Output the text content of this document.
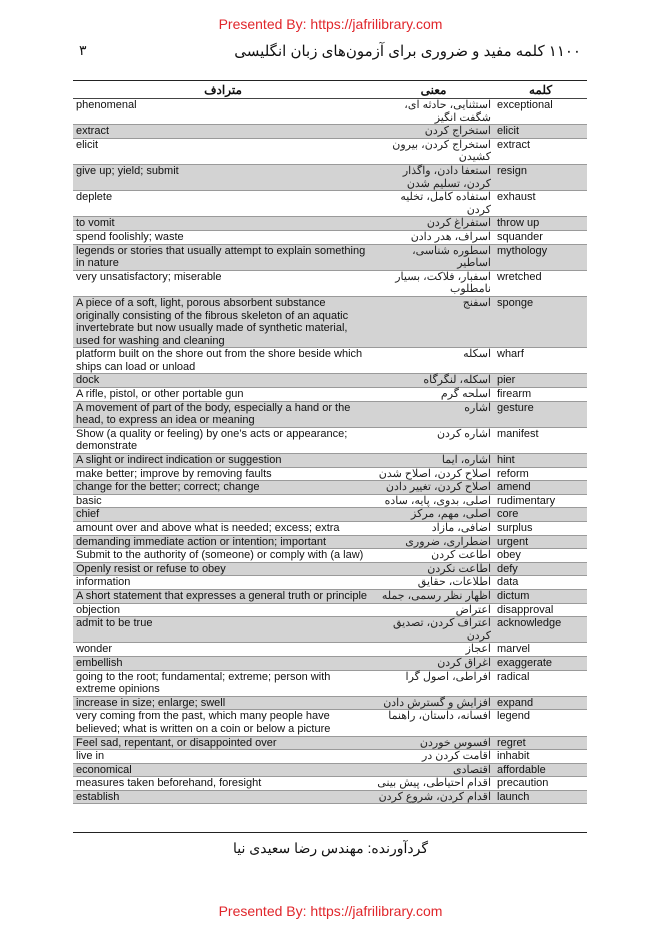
Presented By: https://jafrilibrary.com
۳	۱۱۰۰ کلمه مفید و ضروری برای آزمون‌های زبان انگلیسی
مترادف	معنی	کلمه
phenomenal	استثنایی، حادثه ای، شگفت انگیز	exceptional
extract	استخراج کردن	elicit
elicit	استخراج کردن، بیرون کشیدن	extract
give up; yield; submit	استعفا دادن، واگذار کردن، تسلیم شدن	resign
deplete	استفاده کامل، تخلیه کردن	exhaust
to vomit	استفراغ کردن	throw up
spend foolishly; waste	اسراف، هدر دادن	squander
legends or stories that usually attempt to explain something in nature	اسطوره شناسی، اساطیر	mythology
very unsatisfactory; miserable	اسفبار، فلاکت، بسیار نامطلوب	wretched
A piece of a soft, light, porous absorbent substance originally consisting of the fibrous skeleton of an aquatic invertebrate but now usually made of synthetic material, used for washing and cleaning	اسفنج	sponge
platform built on the shore out from the shore beside which ships can load or unload	اسکله	wharf
dock	اسکله، لنگرگاه	pier
A rifle, pistol, or other portable gun	اسلحه گرم	firearm
A movement of part of the body, especially a hand or the head, to express an idea or meaning	اشاره	gesture
Show (a quality or feeling) by one’s acts or appearance; demonstrate	اشاره کردن	manifest
A slight or indirect indication or suggestion	اشاره، ایما	hint
make better; improve by removing faults	اصلاح کردن، اصلاح شدن	reform
change for the better; correct; change	اصلاح کردن، تغییر دادن	amend
basic	اصلی، بدوی، پایه، ساده	rudimentary
chief	اصلی، مهم، مرکز	core
amount over and above what is needed; excess; extra	اضافی، مازاد	surplus
demanding immediate action or intention; important	اضطراری، ضروری	urgent
Submit to the authority of (someone) or comply with (a law)	اطاعت کردن	obey
Openly resist or refuse to obey	اطاعت نکردن	defy
information	اطلاعات، حقایق	data
A short statement that expresses a general truth or principle	اظهار نظر رسمی، جمله	dictum
objection	اعتراض	disapproval
admit to be true	اعتراف کردن، تصدیق کردن	acknowledge
wonder	اعجاز	marvel
embellish	اغراق کردن	exaggerate
going to the root; fundamental; extreme; person with extreme opinions	افراطی، اصول گرا	radical
increase in size; enlarge; swell	افزایش و گسترش دادن	expand
very coming from the past, which many people have believed; what is written on a coin or below a picture	افسانه، داستان، راهنما	legend
Feel sad, repentant, or disappointed over	افسوس خوردن	regret
live in	اقامت کردن در	inhabit
economical	اقتصادی	affordable
measures taken beforehand, foresight	اقدام احتیاطی، پیش بینی	precaution
establish	اقدام کردن، شروع کردن	launch
گردآورنده: مهندس رضا سعیدی نیا
Presented By: https://jafrilibrary.com
